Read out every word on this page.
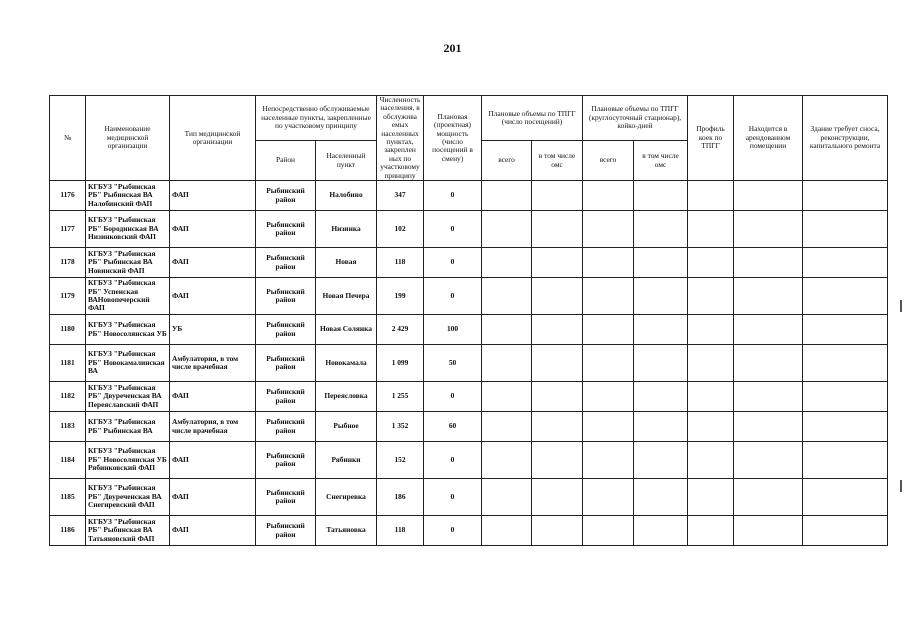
201
№	Наименование медицинской организации	Тип медицинской организации	Непосредственно обслуживаемые населенные пункты, закрепленные по участковому принципу		Численность населения, в обслужива емых населенных пунктах, закреплен ных по участковому принципу	Плановая (проектная) мощность (число посещений в смену)	Плановые объемы по ТПГГ (число посещений)		Плановые объемы по ТПГГ (круглосуточный стационар), койко-дней		Профиль коек по ТПГГ	Находится в арендованном помещении	Здание требует сноса, реконструкции, капитального ремонта
			Район	Населенный пункт			всего	в том числе омс	всего	в том числе омс			
1176	КГБУЗ "Рыбинская РБ" Рыбинская ВА Налобинский ФАП	ФАП	Рыбинский район	Налобино	347	0							
1177	КГБУЗ "Рыбинская РБ" Бородинская ВА Низинковский ФАП	ФАП	Рыбинский район	Низинка	102	0							
1178	КГБУЗ "Рыбинская РБ" Рыбинская ВА Новинский ФАП	ФАП	Рыбинский район	Новая	118	0							
1179	КГБУЗ "Рыбинская РБ" Успенская ВАНовопечерский ФАП	ФАП	Рыбинский район	Новая Печера	199	0							
1180	КГБУЗ "Рыбинская РБ" Новосолянская УБ	УБ	Рыбинский район	Новая Солянка	2 429	100							
1181	КГБУЗ "Рыбинская РБ" Новокамалинская ВА	Амбулатория, в том числе врачебная	Рыбинский район	Новокамала	1 099	50							
1182	КГБУЗ "Рыбинская РБ" Двуреченская ВА Переяславский ФАП	ФАП	Рыбинский район	Переясловка	1 255	0							
1183	КГБУЗ "Рыбинская РБ" Рыбинская ВА	Амбулатория, в том числе врачебная	Рыбинский район	Рыбное	1 352	60							
1184	КГБУЗ "Рыбинская РБ" Новосолянская УБ Рябинковский ФАП	ФАП	Рыбинский район	Рябинки	152	0							
1185	КГБУЗ "Рыбинская РБ" Двуреченская ВА Снегиревский ФАП	ФАП	Рыбинский район	Снегиревка	186	0							
1186	КГБУЗ "Рыбинская РБ" Рыбинская ВА Татьяновский ФАП	ФАП	Рыбинский район	Татьяновка	118	0							
